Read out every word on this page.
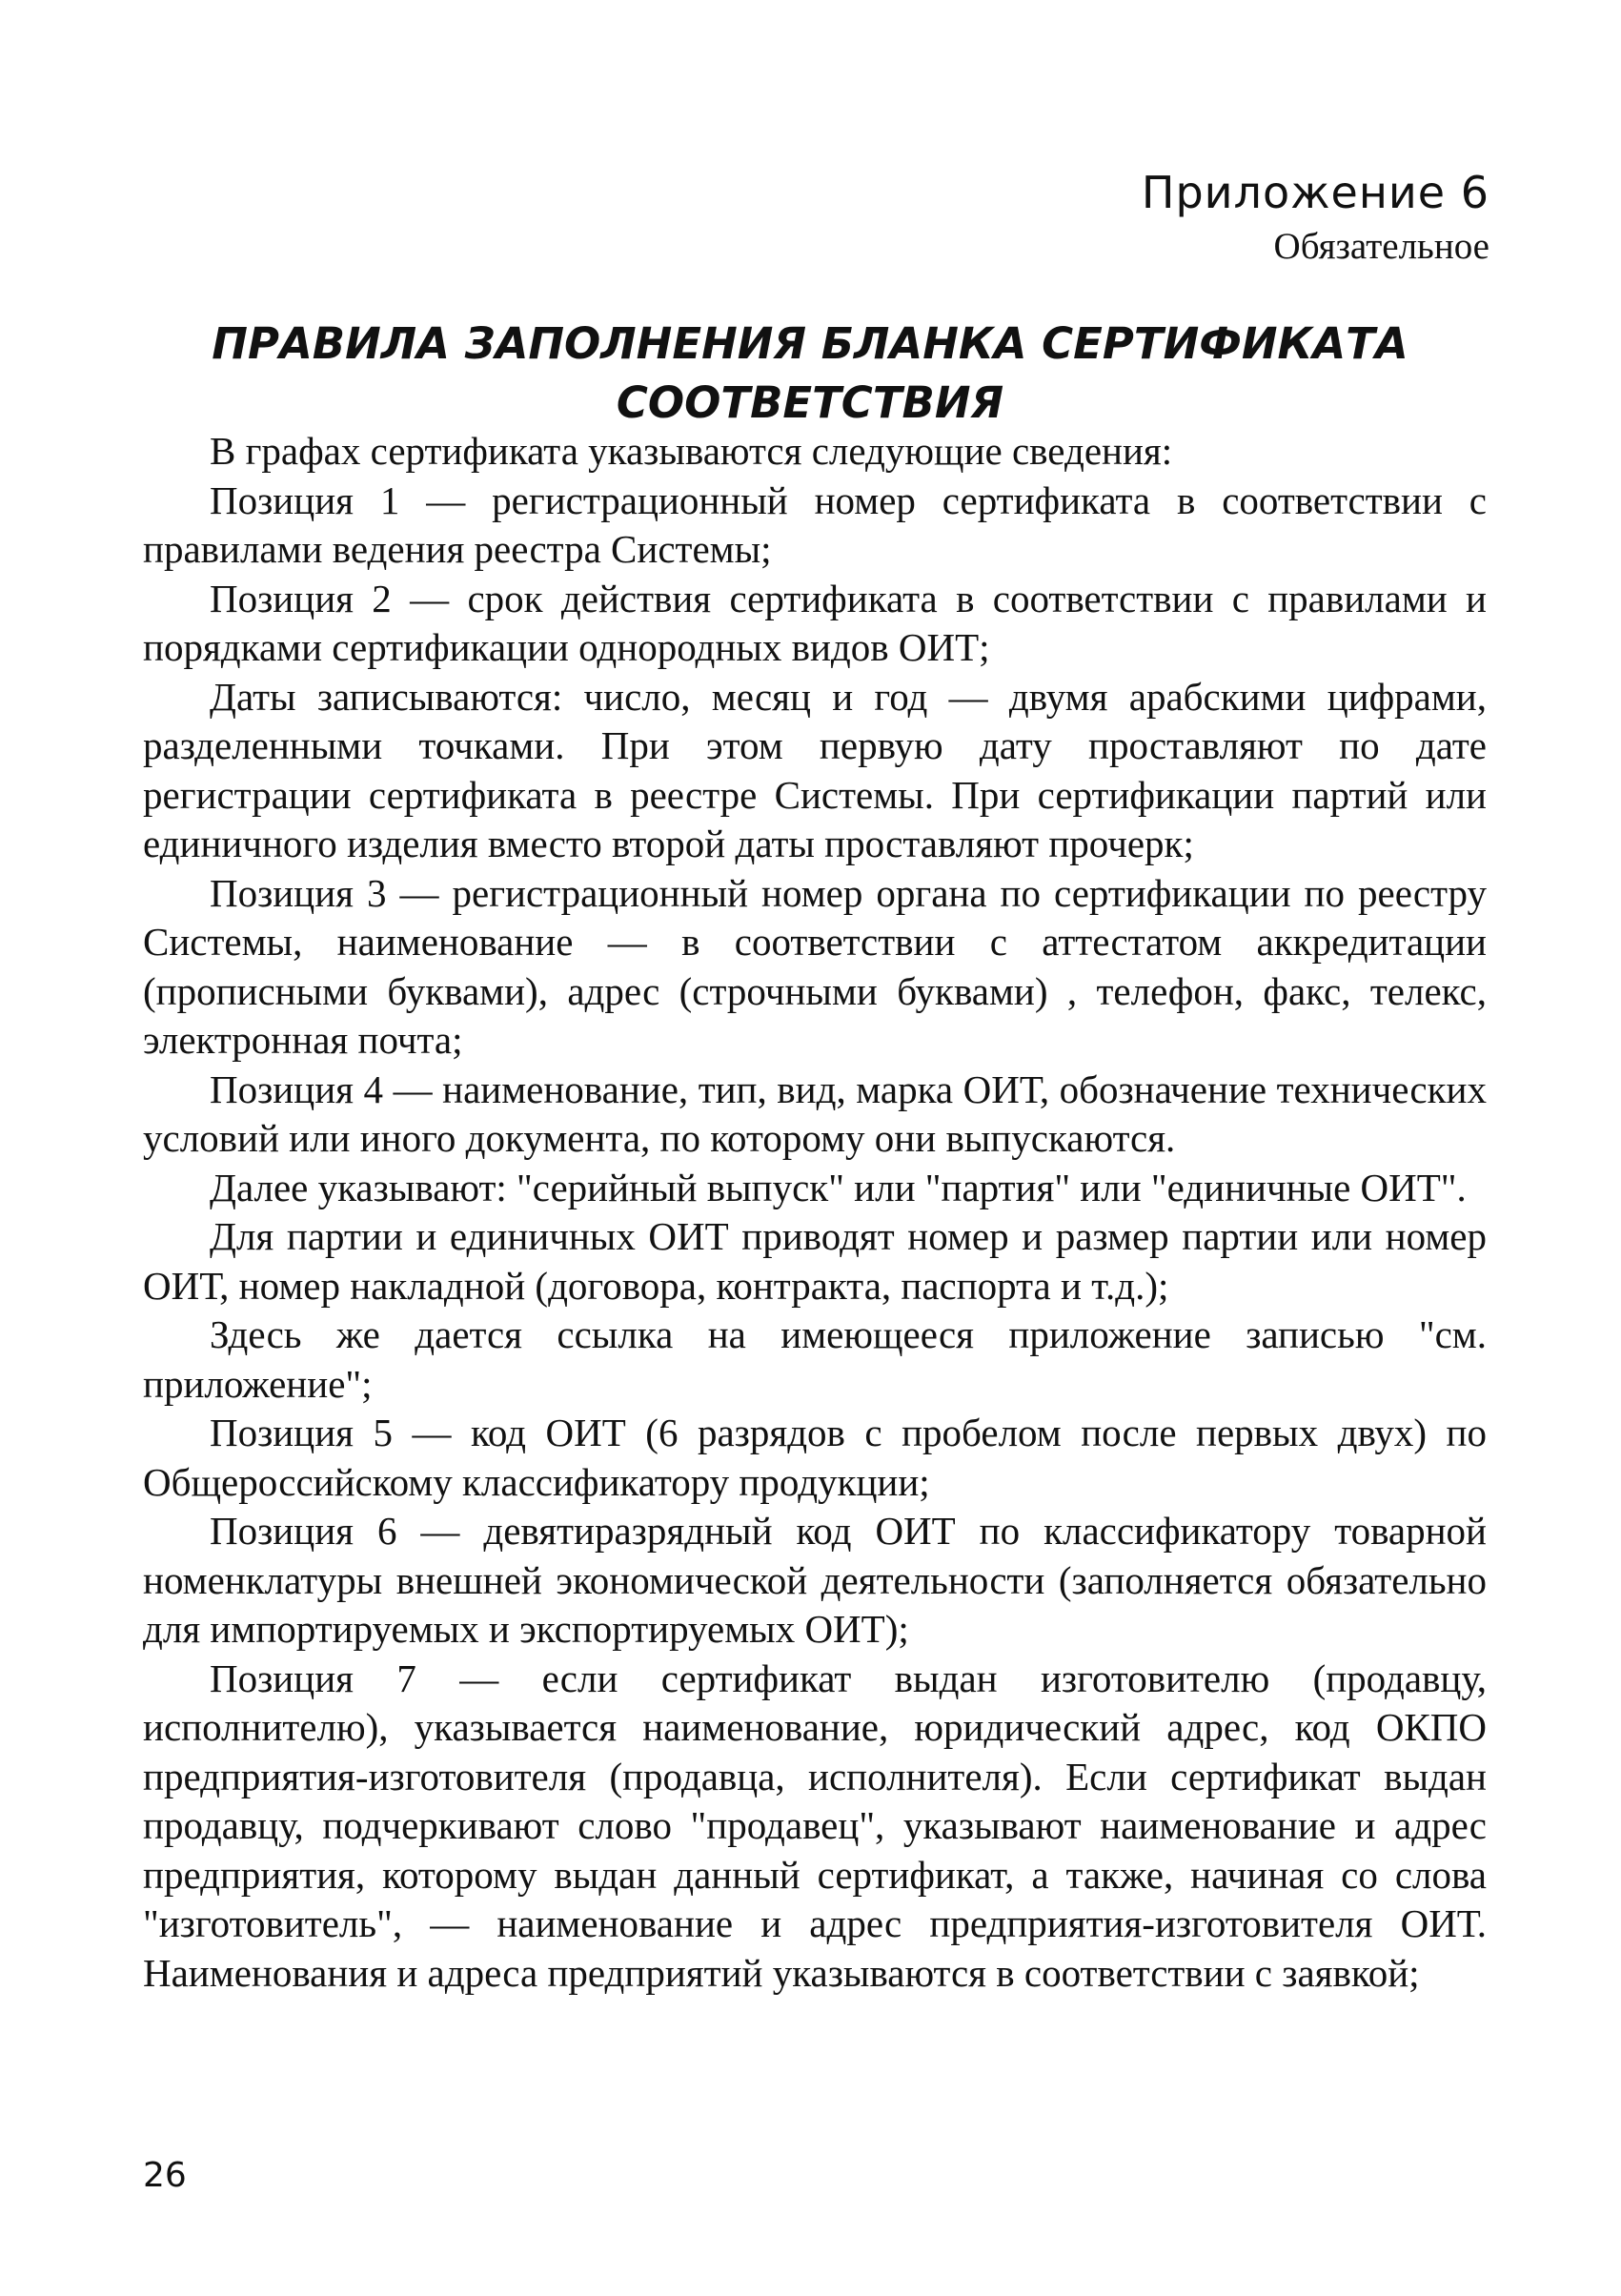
Приложение 6
Обязательное
ПРАВИЛА ЗАПОЛНЕНИЯ БЛАНКА СЕРТИФИКАТА
СООТВЕТСТВИЯ

В графах сертификата указываются следующие сведения:

Позиция 1 — регистрационный номер сертификата в соответствии с правилами ведения реестра Системы;

Позиция 2 — срок действия сертификата в соответствии с правилами и порядками сертификации однородных видов ОИТ;

Даты записываются: число, месяц и год — двумя арабскими цифрами, разделенными точками. При этом первую дату проставляют по дате регистрации сертификата в реестре Системы. При сертификации партий или единичного изделия вместо второй даты проставляют прочерк;

Позиция 3 — регистрационный номер органа по сертификации по реестру Системы, наименование — в соответствии с аттестатом аккредитации (прописными буквами), адрес (строчными буквами) , телефон, факс, телекс, электронная почта;

Позиция 4 — наименование, тип, вид, марка ОИТ, обозначение технических условий или иного документа, по которому они выпускаются.

Далее указывают: "серийный выпуск" или "партия" или "единичные ОИТ".

Для партии и единичных ОИТ приводят номер и размер партии или номер ОИТ, номер накладной (договора, контракта, паспорта и т.д.);

Здесь же дается ссылка на имеющееся приложение записью "см. приложение";

Позиция 5 — код ОИТ (6 разрядов с пробелом после первых двух) по Общероссийскому классификатору продукции;

Позиция 6 — девятиразрядный код ОИТ по классификатору товарной номенклатуры внешней экономической деятельности (заполняется обязательно для импортируемых и экспортируемых ОИТ);

Позиция 7 — если сертификат выдан изготовителю (продавцу, исполнителю), указывается наименование, юридический адрес, код ОКПО предприятия-изготовителя (продавца, исполнителя). Если сертификат выдан продавцу, подчеркивают слово "продавец", указывают наименование и адрес предприятия, которому выдан данный сертификат, а также, начиная со слова "изготовитель", — наименование и адрес предприятия-изготовителя ОИТ. Наименования и адреса предприятий указываются в соответствии с заявкой;

26
